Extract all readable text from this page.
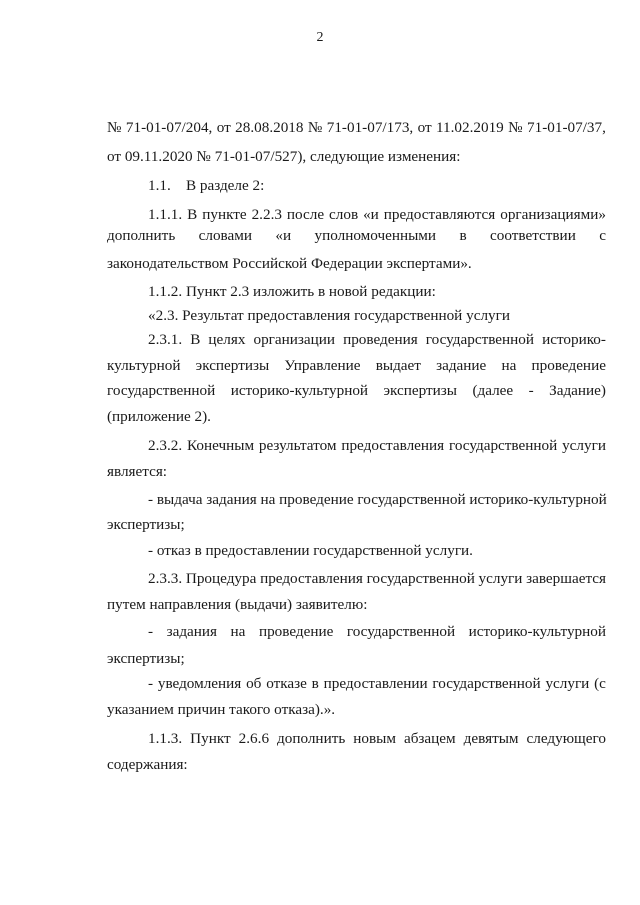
2
№ 71-01-07/204, от 28.08.2018 № 71-01-07/173, от 11.02.2019 № 71-01-07/37,
от 09.11.2020 № 71-01-07/527), следующие изменения:
1.1.    В разделе 2:
1.1.1. В пункте 2.2.3 после слов «и предоставляются организациями»
дополнить словами «и уполномоченными в соответствии с
законодательством Российской Федерации экспертами».
1.1.2. Пункт 2.3 изложить в новой редакции:
«2.3. Результат предоставления государственной услуги
2.3.1. В целях организации проведения государственной историко-
культурной экспертизы Управление выдает задание на проведение
государственной историко-культурной экспертизы (далее - Задание)
(приложение 2).
2.3.2. Конечным результатом предоставления государственной услуги
является:
- выдача задания на проведение государственной историко-культурной
экспертизы;
- отказ в предоставлении государственной услуги.
2.3.3. Процедура предоставления государственной услуги завершается
путем направления (выдачи) заявителю:
- задания на проведение государственной историко-культурной
экспертизы;
- уведомления об отказе в предоставлении государственной услуги (с
указанием причин такого отказа).».
1.1.3. Пункт 2.6.6 дополнить новым абзацем девятым следующего
содержания:
